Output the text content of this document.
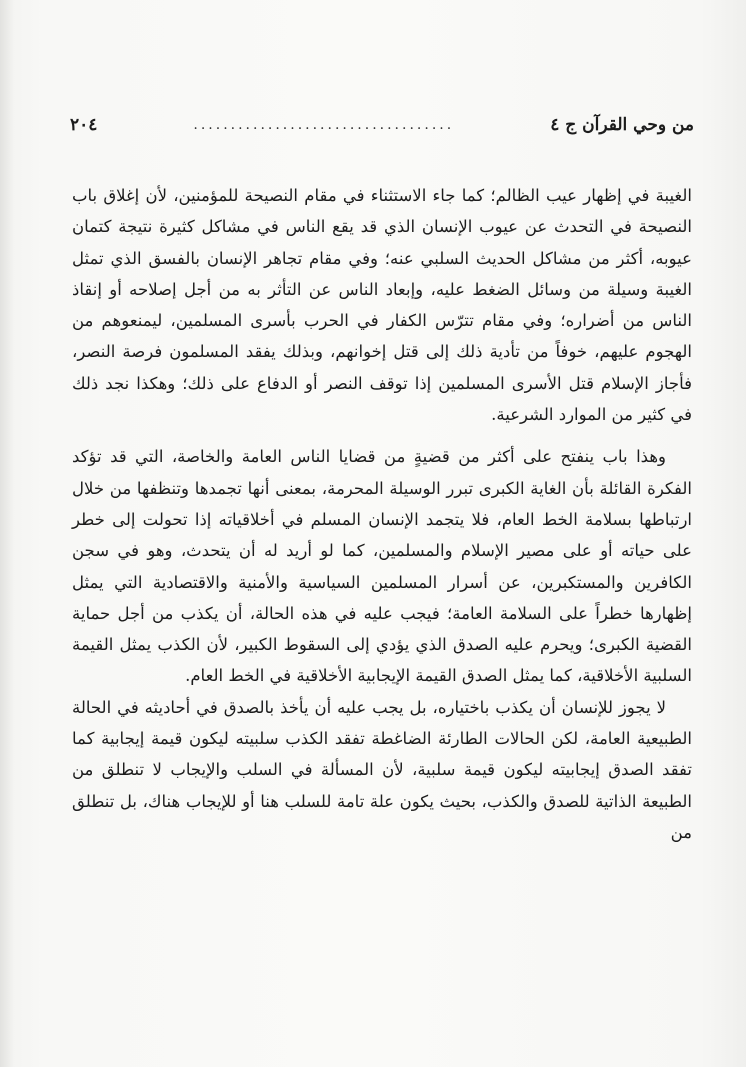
من وحي القرآن ج ٤
...................................
٢٠٤

الغيبة في إظهار عيب الظالم؛ كما جاء الاستثناء في مقام النصيحة للمؤمنين، لأن إغلاق باب النصيحة في التحدث عن عيوب الإنسان الذي قد يقع الناس في مشاكل كثيرة نتيجة كتمان عيوبه، أكثر من مشاكل الحديث السلبي عنه؛ وفي مقام تجاهر الإنسان بالفسق الذي تمثل الغيبة وسيلة من وسائل الضغط عليه، وإبعاد الناس عن التأثر به من أجل إصلاحه أو إنقاذ الناس من أضراره؛ وفي مقام تترّس الكفار في الحرب بأسرى المسلمين، ليمنعوهم من الهجوم عليهم، خوفاً من تأدية ذلك إلى قتل إخوانهم، وبذلك يفقد المسلمون فرصة النصر، فأجاز الإسلام قتل الأسرى المسلمين إذا توقف النصر أو الدفاع على ذلك؛ وهكذا نجد ذلك في كثير من الموارد الشرعية.

وهذا باب ينفتح على أكثر من قضيةٍ من قضايا الناس العامة والخاصة، التي قد تؤكد الفكرة القائلة بأن الغاية الكبرى تبرر الوسيلة المحرمة، بمعنى أنها تجمدها وتنظفها من خلال ارتباطها بسلامة الخط العام، فلا يتجمد الإنسان المسلم في أخلاقياته إذا تحولت إلى خطر على حياته أو على مصير الإسلام والمسلمين، كما لو أريد له أن يتحدث، وهو في سجن الكافرين والمستكبرين، عن أسرار المسلمين السياسية والأمنية والاقتصادية التي يمثل إظهارها خطراً على السلامة العامة؛ فيجب عليه في هذه الحالة، أن يكذب من أجل حماية القضية الكبرى؛ ويحرم عليه الصدق الذي يؤدي إلى السقوط الكبير، لأن الكذب يمثل القيمة السلبية الأخلاقية، كما يمثل الصدق القيمة الإيجابية الأخلاقية في الخط العام.

لا يجوز للإنسان أن يكذب باختياره، بل يجب عليه أن يأخذ بالصدق في أحاديثه في الحالة الطبيعية العامة، لكن الحالات الطارئة الضاغطة تفقد الكذب سلبيته ليكون قيمة إيجابية كما تفقد الصدق إيجابيته ليكون قيمة سلبية، لأن المسألة في السلب والإيجاب لا تنطلق من الطبيعة الذاتية للصدق والكذب، بحيث يكون علة تامة للسلب هنا أو للإيجاب هناك، بل تنطلق من
